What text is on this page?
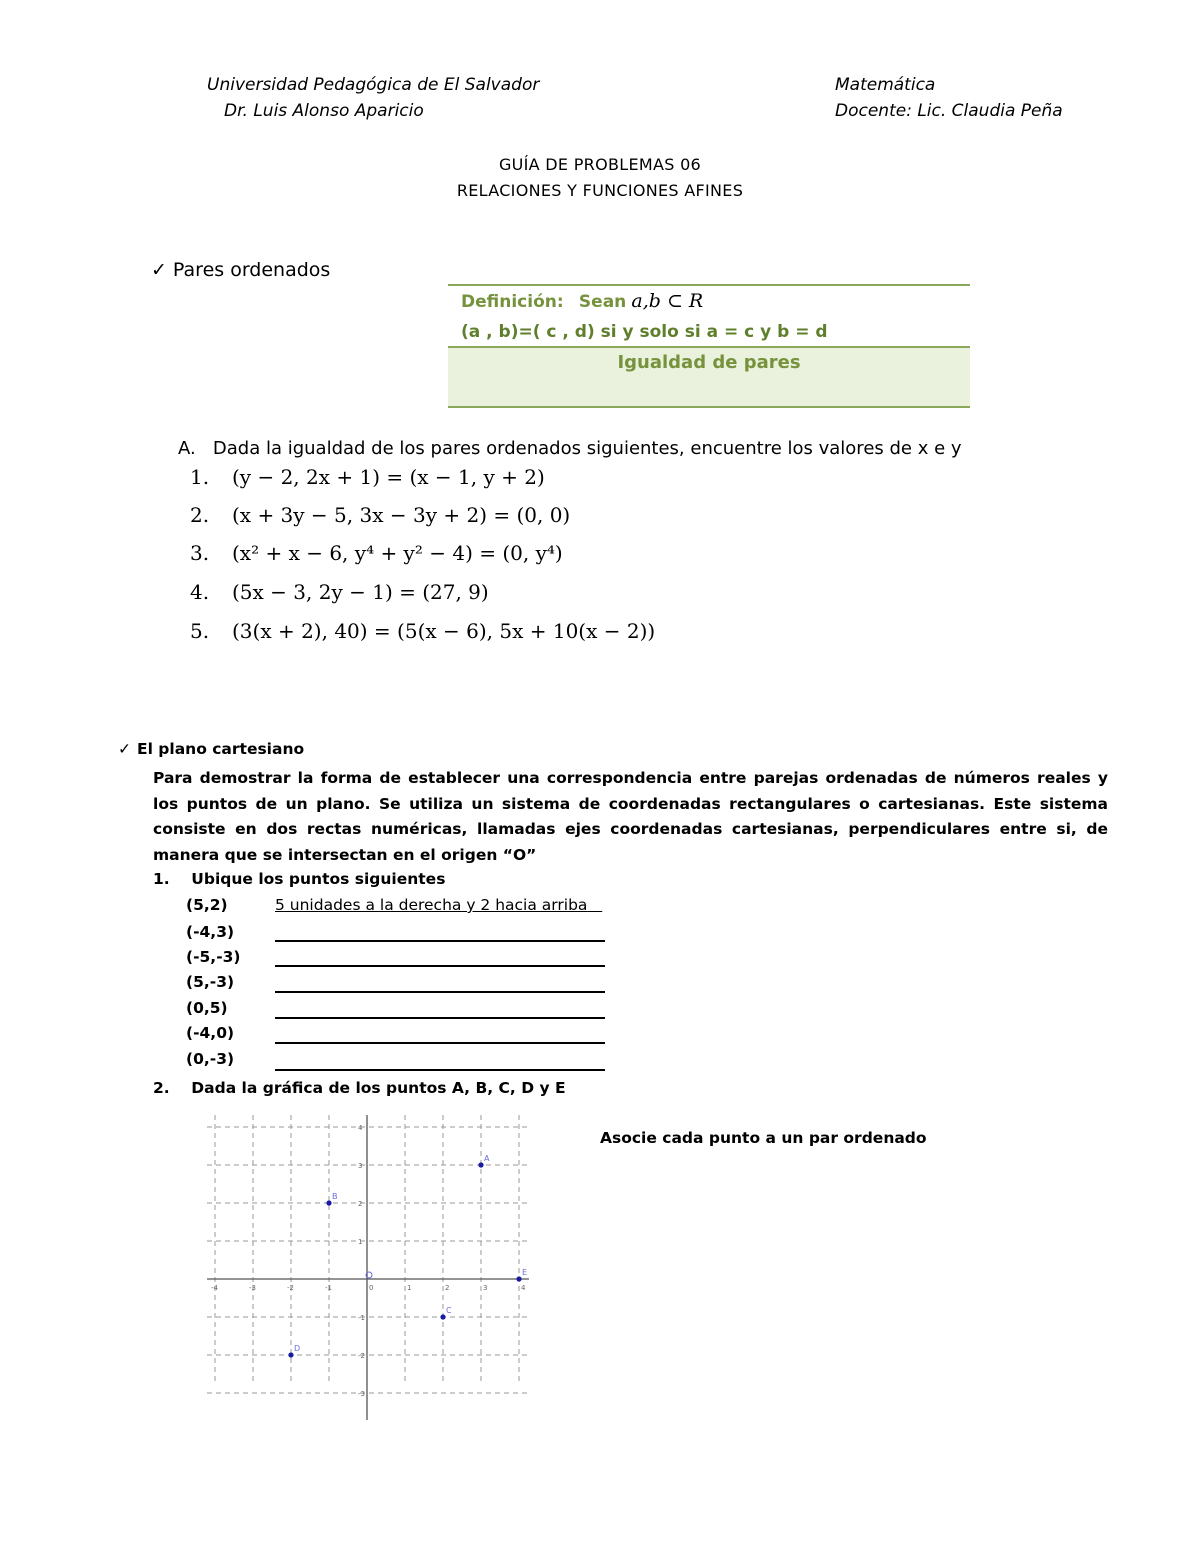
Universidad Pedagógica de El Salvador
Dr. Luis Alonso Aparicio
Matemática
Docente: Lic. Claudia Peña
GUÍA DE PROBLEMAS 06
RELACIONES Y FUNCIONES AFINES
✓ Pares ordenados
Definición: Sean a,b ⊂ R
(a , b)=( c , d) si y solo si a = c y b = d
Igualdad de pares
A. Dada la igualdad de los pares ordenados siguientes, encuentre los valores de x e y
1. (y − 2, 2x + 1) = (x − 1, y + 2)
2. (x + 3y − 5, 3x − 3y + 2) = (0, 0)
3. (x² + x − 6, y⁴ + y² − 4) = (0, y⁴)
4. (5x − 3, 2y − 1) = (27, 9)
5. (3(x + 2), 40) = (5(x − 6), 5x + 10(x − 2))
✓ El plano cartesiano
Para demostrar la forma de establecer una correspondencia entre parejas ordenadas de números reales y los puntos de un plano. Se utiliza un sistema de coordenadas rectangulares o cartesianas. Este sistema consiste en dos rectas numéricas, llamadas ejes coordenadas cartesianas, perpendiculares entre si, de manera que se intersectan en el origen “O”
1. Ubique los puntos siguientes
(5,2)	5 unidades a la derecha y 2 hacia arriba
(-4,3)
(-5,-3)
(5,-3)
(0,5)
(-4,0)
(0,-3)
2. Dada la gráfica de los puntos A, B, C, D y E
Asocie cada punto a un par ordenado
-4	-3	-2	-1	0	1	2	3	4
4
3
2
1
-1
-2
-3
A
B
C
D
E
